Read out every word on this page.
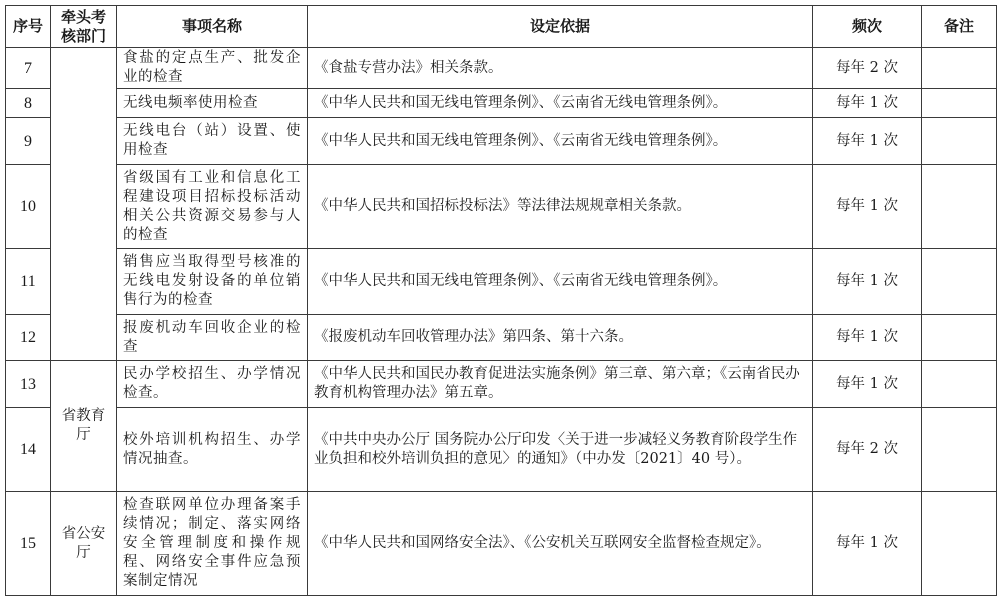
序号	牵头考核部门	事项名称	设定依据	频次	备注
7		食盐的定点生产、批发企业的检查	《食盐专营办法》相关条款。	每年 2 次	
8		无线电频率使用检查	《中华人民共和国无线电管理条例》、《云南省无线电管理条例》。	每年 1 次	
9		无线电台（站）设置、使用检查	《中华人民共和国无线电管理条例》、《云南省无线电管理条例》。	每年 1 次	
10		省级国有工业和信息化工程建设项目招标投标活动相关公共资源交易参与人的检查	《中华人民共和国招标投标法》等法律法规规章相关条款。	每年 1 次	
11		销售应当取得型号核准的无线电发射设备的单位销售行为的检查	《中华人民共和国无线电管理条例》、《云南省无线电管理条例》。	每年 1 次	
12		报废机动车回收企业的检查	《报废机动车回收管理办法》第四条、第十六条。	每年 1 次	
13	省教育厅	民办学校招生、办学情况检查。	《中华人民共和国民办教育促进法实施条例》第三章、第六章；《云南省民办教育机构管理办法》第五章。	每年 1 次	
14		校外培训机构招生、办学情况抽查。	《中共中央办公厅 国务院办公厅印发〈关于进一步减轻义务教育阶段学生作业负担和校外培训负担的意见〉的通知》（中办发〔2021〕40 号）。	每年 2 次	
15	省公安厅	检查联网单位办理备案手续情况；制定、落实网络安全管理制度和操作规程、网络安全事件应急预案制定情况	《中华人民共和国网络安全法》、《公安机关互联网安全监督检查规定》。	每年 1 次	
